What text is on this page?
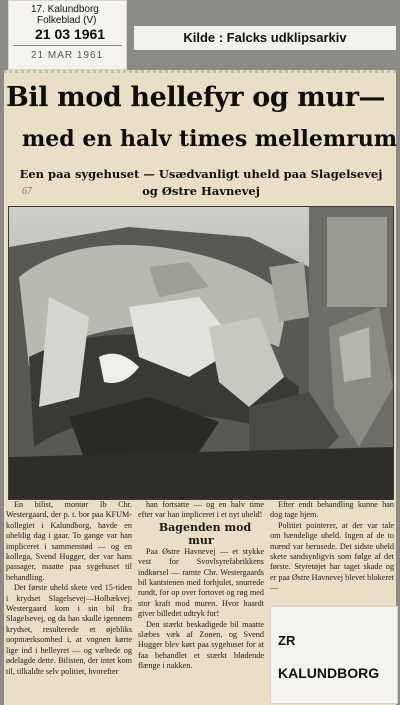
17. Kalundborg
Folkeblad (V)
21 03 1961
21 MAR 1961
Kilde : Falcks udklipsarkiv
Bil mod hellefyr og mur—
med en halv times mellemrum
Een paa sygehuset — Usædvanligt uheld paa Slagelsevej
og Østre Havnevej
67

En bilist, montør Ib Chr. Westergaard, der p. t. bor paa KFUM-kollegiet i Kalundborg, havde en uheldig dag i gaar. To gange var han impliceret i sammenstød — og en kollega, Svend Hugger, der var hans passager, maatte paa sygehuset til behandling.

Det første uheld skete ved 15-tiden i krydset Slagelsevej—Holbækvej. Westergaard kom i sin bil fra Slagelsevej, og da han skulle igennem krydset, resulterede et øjebliks uopmærksomhed i, at vognen kørte lige ind i helleyret — og væltede og ødelagde dette. Bilisten, der intet kom til, tilkaldte selv politiet, hvorefter

han fortsatte — og en halv time efter var han impliceret i et nyt uheld!

Bagenden mod mur

Paa Østre Havnevej — et stykke vest for Svovlsyrefabrikkens indkørsel — ramte Chr. Westergaards bil kantstenen med forhjulet, snurrede rundt, for op over fortovet og røg med stor kraft mod muren. Hvor haardt giver billedet udtryk for!

Den stærkt beskadigede bil maatte slæbes væk af Zonen, og Svend Hugger blev kørt paa sygehuset for at faa behandlet et stærkt blødende flænge i nakken.

Efter endt behandling kunne han dog tage hjem.

Politiet pointerer, at der var tale om hændelige uheld. Ingen af de to mænd var berusede. Det sidste uheld skete sandsynligvis som følge af det første. Styretøjet har taget skade og er paa Østre Havnevej blevet blokeret —

ZR
KALUNDBORG
